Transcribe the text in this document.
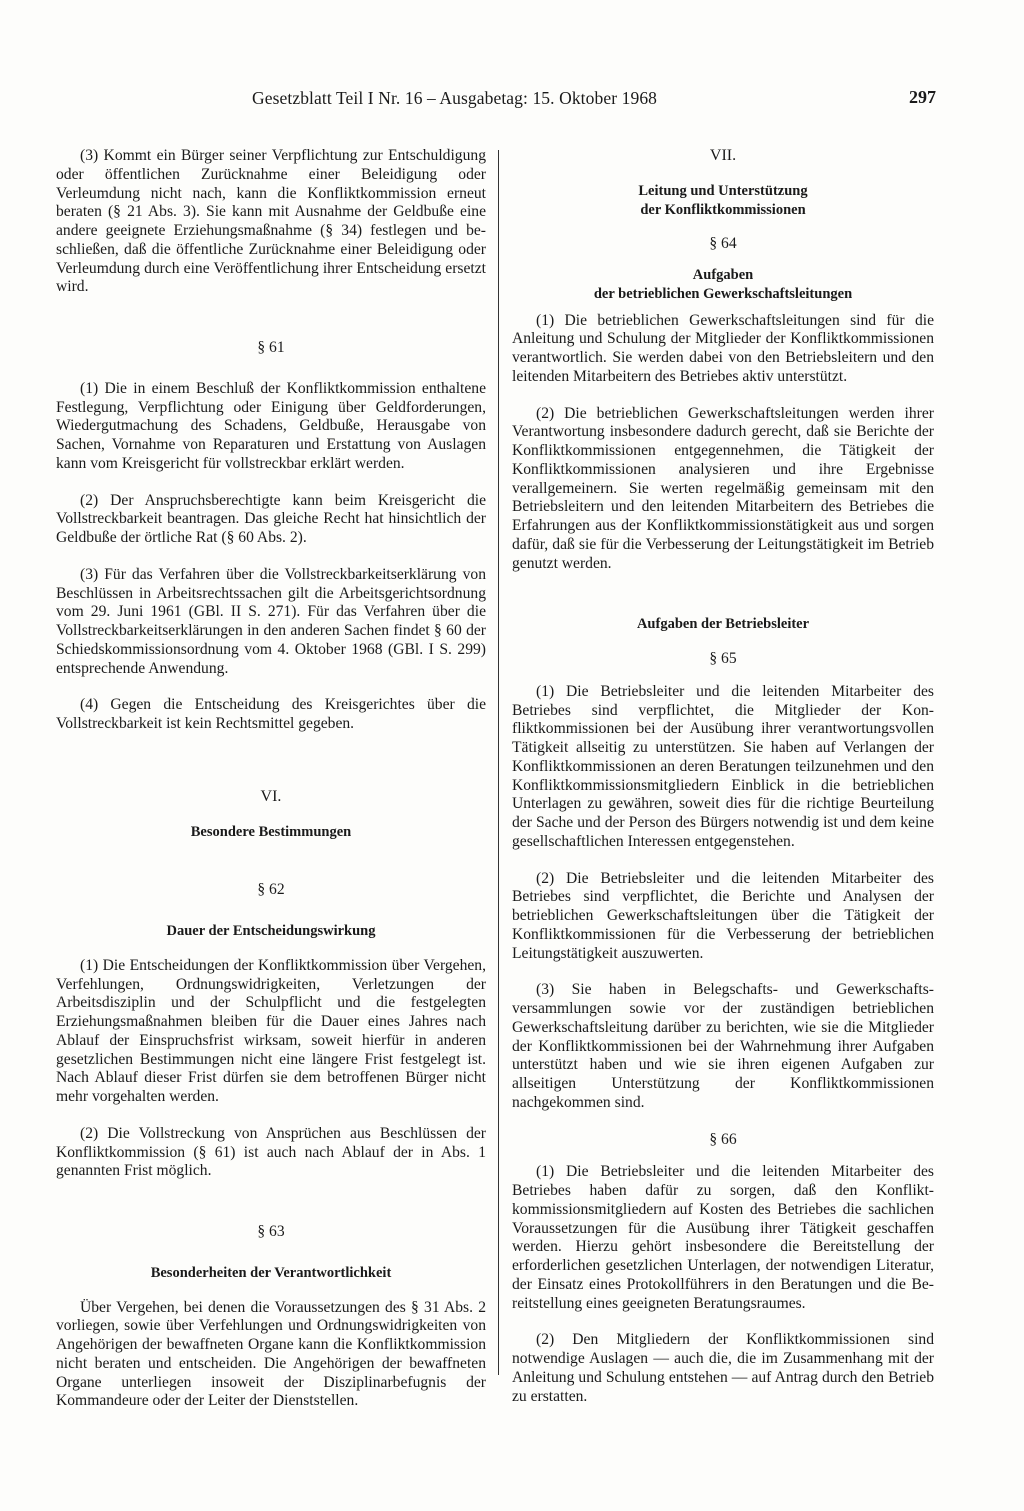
Gesetzblatt Teil I Nr. 16 – Ausgabetag: 15. Oktober 1968	297

(3) Kommt ein Bürger seiner Verpflichtung zur Entschuldigung oder öffentlichen Zurücknahme einer Beleidigung oder Verleumdung nicht nach, kann die Konfliktkommission erneut beraten (§ 21 Abs. 3). Sie kann mit Ausnahme der Geldbuße eine andere geeignete Erziehungsmaßnahme (§ 34) festlegen und beschließen, daß die öffentliche Zurücknahme einer Beleidigung oder Verleumdung durch eine Veröffentlichung ihrer Entscheidung ersetzt wird.

§ 61

(1) Die in einem Beschluß der Konfliktkommission enthaltene Festlegung, Verpflichtung oder Einigung über Geldforderungen, Wiedergutmachung des Schadens, Geldbuße, Herausgabe von Sachen, Vornahme von Reparaturen und Erstattung von Auslagen kann vom Kreisgericht für vollstreckbar erklärt werden.

(2) Der Anspruchsberechtigte kann beim Kreisgericht die Vollstreckbarkeit beantragen. Das gleiche Recht hat hinsichtlich der Geldbuße der örtliche Rat (§ 60 Abs. 2).

(3) Für das Verfahren über die Vollstreckbarkeitserklärung von Beschlüssen in Arbeitsrechtssachen gilt die Arbeitsgerichtsordnung vom 29. Juni 1961 (GBl. II S. 271). Für das Verfahren über die Vollstreckbarkeitserklärungen in den anderen Sachen findet § 60 der Schiedskommissionsordnung vom 4. Oktober 1968 (GBl. I S. 299) entsprechende Anwendung.

(4) Gegen die Entscheidung des Kreisgerichtes über die Vollstreckbarkeit ist kein Rechtsmittel gegeben.

VI.
Besondere Bestimmungen
§ 62
Dauer der Entscheidungswirkung

(1) Die Entscheidungen der Konfliktkommission über Vergehen, Verfehlungen, Ordnungswidrigkeiten, Verletzungen der Arbeitsdisziplin und der Schulpflicht und die festgelegten Erziehungsmaßnahmen bleiben für die Dauer eines Jahres nach Ablauf der Einspruchsfrist wirksam, soweit hierfür in anderen gesetzlichen Bestimmungen nicht eine längere Frist festgelegt ist. Nach Ablauf dieser Frist dürfen sie dem betroffenen Bürger nicht mehr vorgehalten werden.

(2) Die Vollstreckung von Ansprüchen aus Beschlüssen der Konfliktkommission (§ 61) ist auch nach Ablauf der in Abs. 1 genannten Frist möglich.

§ 63
Besonderheiten der Verantwortlichkeit

Über Vergehen, bei denen die Voraussetzungen des § 31 Abs. 2 vorliegen, sowie über Verfehlungen und Ordnungswidrigkeiten von Angehörigen der bewaffneten Organe kann die Konfliktkommission nicht beraten und entscheiden. Die Angehörigen der bewaffneten Organe unterliegen insoweit der Disziplinarbefugnis der Kommandeure oder der Leiter der Dienststellen.

VII.
Leitung und Unterstützung
der Konfliktkommissionen
§ 64
Aufgaben
der betrieblichen Gewerkschaftsleitungen

(1) Die betrieblichen Gewerkschaftsleitungen sind für die Anleitung und Schulung der Mitglieder der Konfliktkommissionen verantwortlich. Sie werden dabei von den Betriebsleitern und den leitenden Mitarbeitern des Betriebes aktiv unterstützt.

(2) Die betrieblichen Gewerkschaftsleitungen werden ihrer Verantwortung insbesondere dadurch gerecht, daß sie Berichte der Konfliktkommissionen entgegennehmen, die Tätigkeit der Konfliktkommissionen analysieren und ihre Ergebnisse verallgemeinern. Sie werten regelmäßig gemeinsam mit den Betriebsleitern und den leitenden Mitarbeitern des Betriebes die Erfahrungen aus der Konfliktkommissionstätigkeit aus und sorgen dafür, daß sie für die Verbesserung der Leitungstätigkeit im Betrieb genutzt werden.

Aufgaben der Betriebsleiter
§ 65

(1) Die Betriebsleiter und die leitenden Mitarbeiter des Betriebes sind verpflichtet, die Mitglieder der Konfliktkommissionen bei der Ausübung ihrer verantwortungsvollen Tätigkeit allseitig zu unterstützen. Sie haben auf Verlangen der Konfliktkommissionen an deren Beratungen teilzunehmen und den Konfliktkommissionsmitgliedern Einblick in die betrieblichen Unterlagen zu gewähren, soweit dies für die richtige Beurteilung der Sache und der Person des Bürgers notwendig ist und dem keine gesellschaftlichen Interessen entgegenstehen.

(2) Die Betriebsleiter und die leitenden Mitarbeiter des Betriebes sind verpflichtet, die Berichte und Analysen der betrieblichen Gewerkschaftsleitungen über die Tätigkeit der Konfliktkommissionen für die Verbesserung der betrieblichen Leitungstätigkeit auszuwerten.

(3) Sie haben in Belegschafts- und Gewerkschaftsversammlungen sowie vor der zuständigen betrieblichen Gewerkschaftsleitung darüber zu berichten, wie sie die Mitglieder der Konfliktkommissionen bei der Wahrnehmung ihrer Aufgaben unterstützt haben und wie sie ihren eigenen Aufgaben zur allseitigen Unterstützung der Konfliktkommissionen nachgekommen sind.

§ 66

(1) Die Betriebsleiter und die leitenden Mitarbeiter des Betriebes haben dafür zu sorgen, daß den Konfliktkommissionsmitgliedern auf Kosten des Betriebes die sachlichen Voraussetzungen für die Ausübung ihrer Tätigkeit geschaffen werden. Hierzu gehört insbesondere die Bereitstellung der erforderlichen gesetzlichen Unterlagen, der notwendigen Literatur, der Einsatz eines Protokollführers in den Beratungen und die Bereitstellung eines geeigneten Beratungsraumes.

(2) Den Mitgliedern der Konfliktkommissionen sind notwendige Auslagen — auch die, die im Zusammenhang mit der Anleitung und Schulung entstehen — auf Antrag durch den Betrieb zu erstatten.
